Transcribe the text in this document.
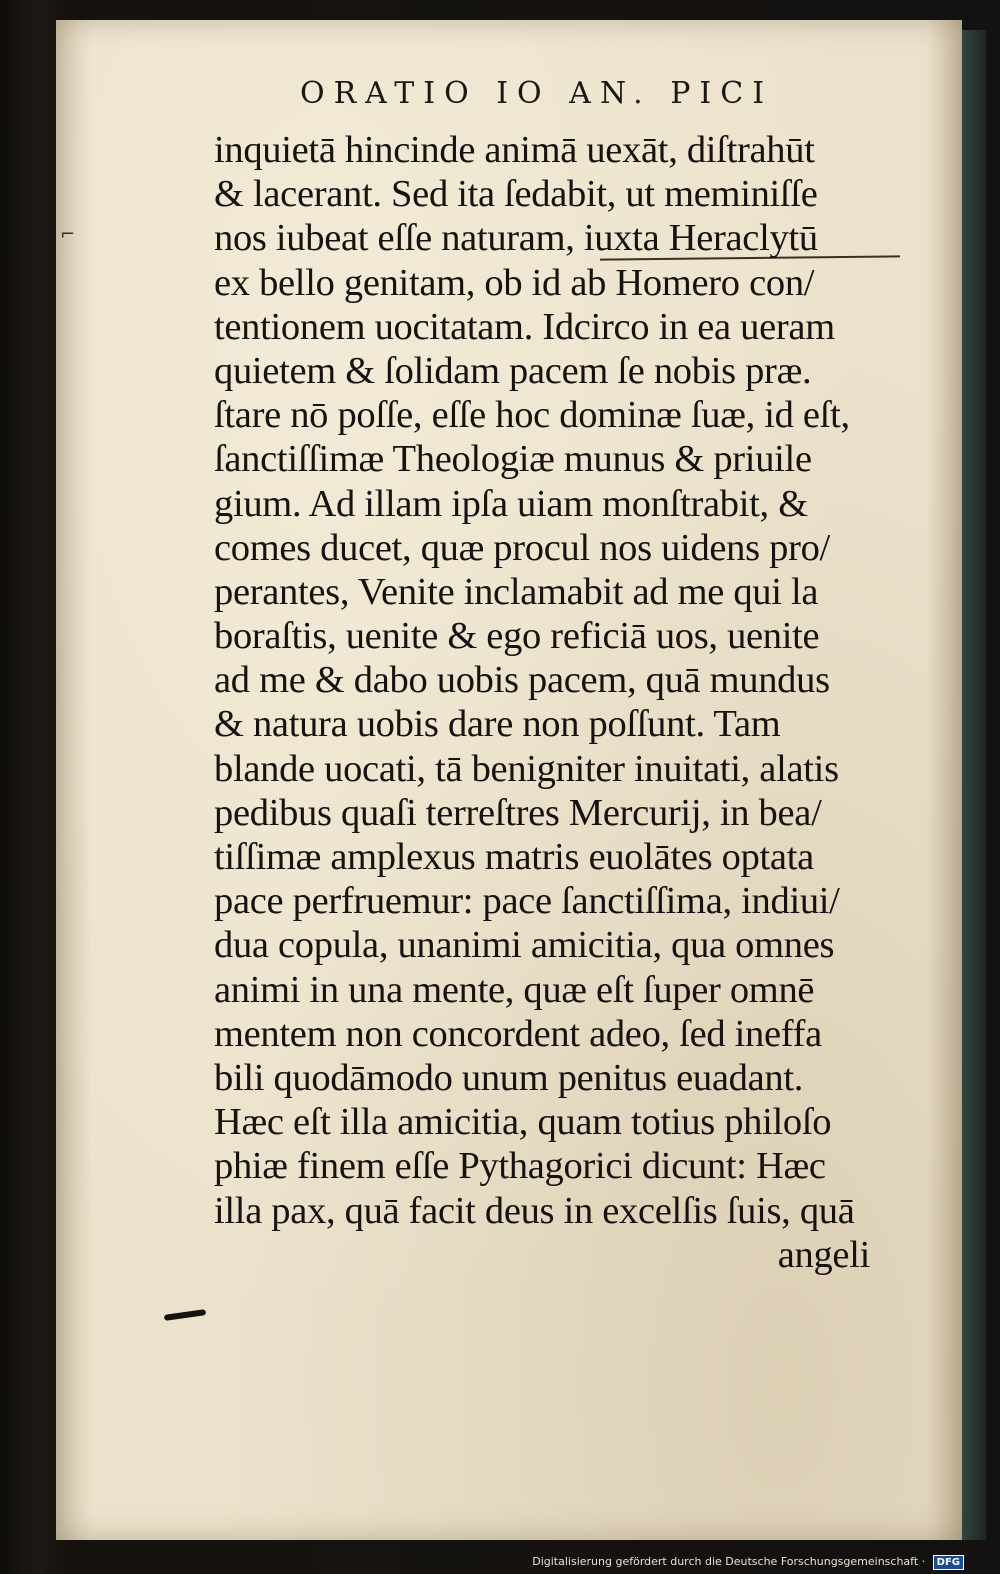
ORATIO IO AN. PICI
⌐
inquietā hincinde animā uexāt, diſtrahūt
& lacerant. Sed ita ſedabit, ut meminiſſe
nos iubeat eſſe naturam, iuxta Heraclytū
ex bello genitam, ob id ab Homero con/
tentionem uocitatam. Idcirco in ea ueram
quietem & ſolidam pacem ſe nobis præ.
ſtare nō poſſe, eſſe hoc dominæ ſuæ, id eſt,
ſanctiſſimæ Theologiæ munus & priuile
gium. Ad illam ipſa uiam monſtrabit, &
comes ducet, quæ procul nos uidens pro/
perantes, Venite inclamabit ad me qui la
boraſtis, uenite & ego reficiā uos, uenite
ad me & dabo uobis pacem, quā mundus
& natura uobis dare non poſſunt. Tam
blande uocati, tā benigniter inuitati, alatis
pedibus quaſi terreſtres Mercurij, in bea/
tiſſimæ amplexus matris euolātes optata
pace perfruemur: pace ſanctiſſima, indiui/
dua copula, unanimi amicitia, qua omnes
animi in una mente, quæ eſt ſuper omnē
mentem non concordent adeo, ſed ineffa
bili quodāmodo unum penitus euadant.
Hæc eſt illa amicitia, quam totius philoſo
phiæ finem eſſe Pythagorici dicunt: Hæc
illa pax, quā facit deus in excelſis ſuis, quā
angeli
Digitalisierung gefördert durch die Deutsche Forschungsgemeinschaft · DFG
